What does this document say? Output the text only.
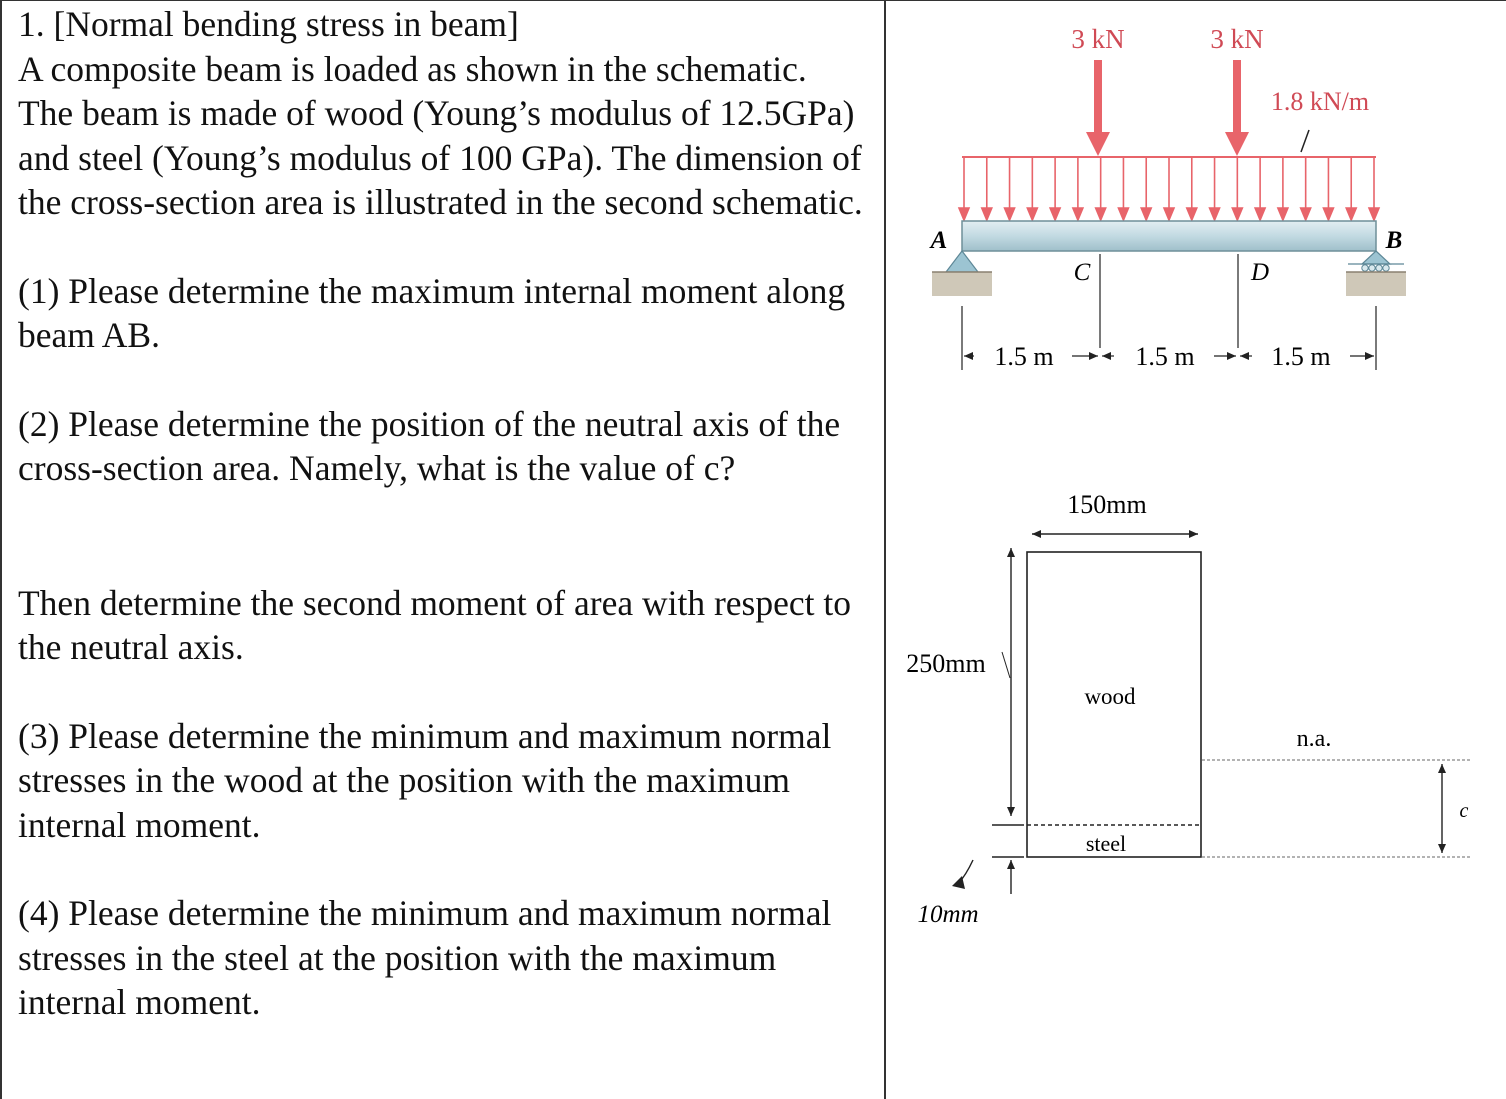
1. [Normal bending stress in beam]

A composite beam is loaded as shown in the schematic. The beam is made of wood (Young’s modulus of 12.5GPa) and steel (Young’s modulus of 100 GPa). The dimension of the cross-section area is illustrated in the second schematic.

(1) Please determine the maximum internal moment along beam AB.

(2) Please determine the position of the neutral axis of the cross-section area. Namely, what is the value of c?

Then determine the second moment of area with respect to the neutral axis.

(3) Please determine the minimum and maximum normal stresses in the wood at the position with the maximum internal moment.

(4) Please determine the minimum and maximum normal stresses in the steel at the position with the maximum internal moment.

3 kN	3 kN
1.8 kN/m
A	B
C	D
1.5 m	1.5 m	1.5 m
150mm
wood
steel
250mm
10mm
n.a.
c
